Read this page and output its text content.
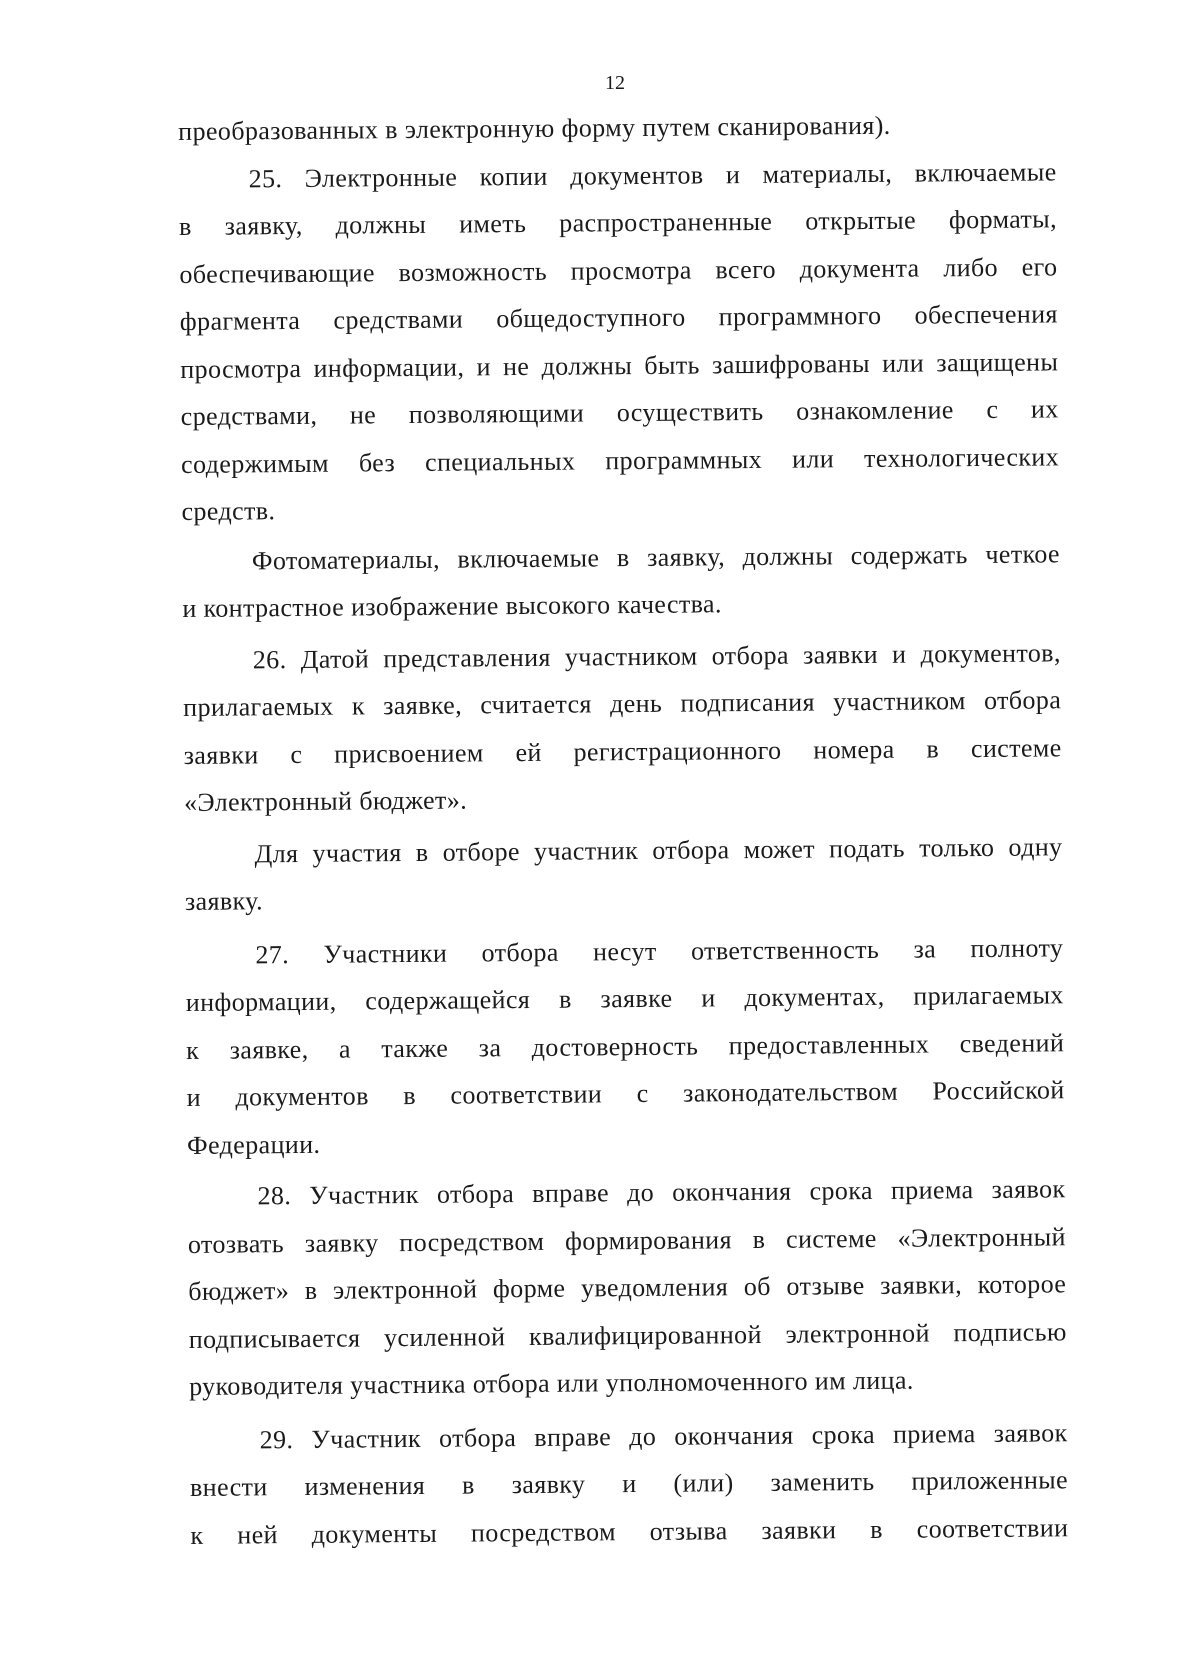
12
преобразованных в электронную форму путем сканирования).
25. Электронные копии документов и материалы, включаемые
в заявку, должны иметь распространенные открытые форматы,
обеспечивающие возможность просмотра всего документа либо его
фрагмента средствами общедоступного программного обеспечения
просмотра информации, и не должны быть зашифрованы или защищены
средствами, не позволяющими осуществить ознакомление с их
содержимым без специальных программных или технологических
средств.
Фотоматериалы, включаемые в заявку, должны содержать четкое
и контрастное изображение высокого качества.
26. Датой представления участником отбора заявки и документов,
прилагаемых к заявке, считается день подписания участником отбора
заявки с присвоением ей регистрационного номера в системе
«Электронный бюджет».
Для участия в отборе участник отбора может подать только одну
заявку.
27. Участники отбора несут ответственность за полноту
информации, содержащейся в заявке и документах, прилагаемых
к заявке, а также за достоверность предоставленных сведений
и документов в соответствии с законодательством Российской
Федерации.
28. Участник отбора вправе до окончания срока приема заявок
отозвать заявку посредством формирования в системе «Электронный
бюджет» в электронной форме уведомления об отзыве заявки, которое
подписывается усиленной квалифицированной электронной подписью
руководителя участника отбора или уполномоченного им лица.
29. Участник отбора вправе до окончания срока приема заявок
внести изменения в заявку и (или) заменить приложенные
к ней документы посредством отзыва заявки в соответствии
